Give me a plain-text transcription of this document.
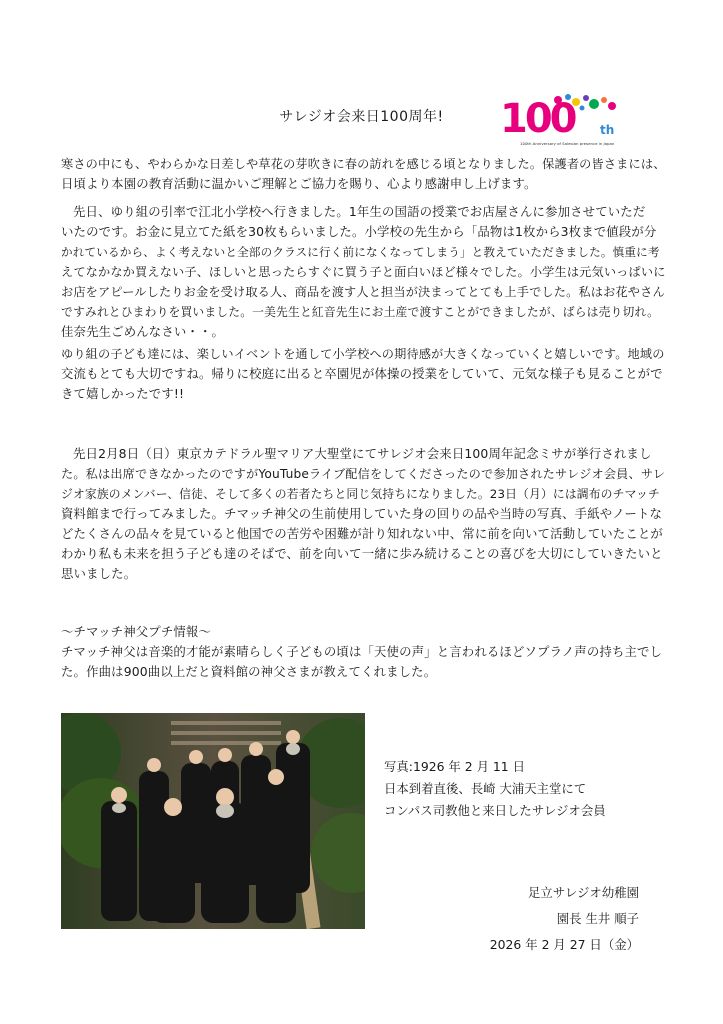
サレジオ会来日100周年!	100 th
100th Anniversary of Salesian presence in Japan
寒さの中にも、やわらかな日差しや草花の芽吹きに春の訪れを感じる頃となりました。保護者の皆さまには、
日頃より本園の教育活動に温かいご理解とご協力を賜り、心より感謝申し上げます。
先日、ゆり組の引率で江北小学校へ行きました。1年生の国語の授業でお店屋さんに参加させていただ
いたのです。お金に見立てた紙を30枚もらいました。小学校の先生から「品物は1枚から3枚まで値段が分
かれているから、よく考えないと全部のクラスに行く前になくなってしまう」と教えていただきました。慎重に考
えてなかなか買えない子、ほしいと思ったらすぐに買う子と面白いほど様々でした。小学生は元気いっぱいに
お店をアピールしたりお金を受け取る人、商品を渡す人と担当が決まってとても上手でした。私はお花やさん
ですみれとひまわりを買いました。一美先生と紅音先生にお土産で渡すことができましたが、ばらは売り切れ。
佳奈先生ごめんなさい・・。
ゆり組の子ども達には、楽しいイベントを通して小学校への期待感が大きくなっていくと嬉しいです。地域の
交流もとても大切ですね。帰りに校庭に出ると卒園児が体操の授業をしていて、元気な様子も見ることがで
きて嬉しかったです!!
先日2月8日（日）東京カテドラル聖マリア大聖堂にてサレジオ会来日100周年記念ミサが挙行されまし
た。私は出席できなかったのですがYouTubeライブ配信をしてくださったので参加されたサレジオ会員、サレ
ジオ家族のメンバー、信徒、そして多くの若者たちと同じ気持ちになりました。23日（月）には調布のチマッチ
資料館まで行ってみました。チマッチ神父の生前使用していた身の回りの品や当時の写真、手紙やノートな
どたくさんの品々を見ていると他国での苦労や困難が計り知れない中、常に前を向いて活動していたことが
わかり私も未来を担う子ども達のそばで、前を向いて一緒に歩み続けることの喜びを大切にしていきたいと
思いました。
～チマッチ神父プチ情報～
チマッチ神父は音楽的才能が素晴らしく子どもの頃は「天使の声」と言われるほどソプラノ声の持ち主でし
た。作曲は900曲以上だと資料館の神父さまが教えてくれました。
写真:1926 年 2 月 11 日
日本到着直後、長崎 大浦天主堂にて
コンパス司教他と来日したサレジオ会員
足立サレジオ幼稚園
園長 生井 順子
2026 年 2 月 27 日（金）
